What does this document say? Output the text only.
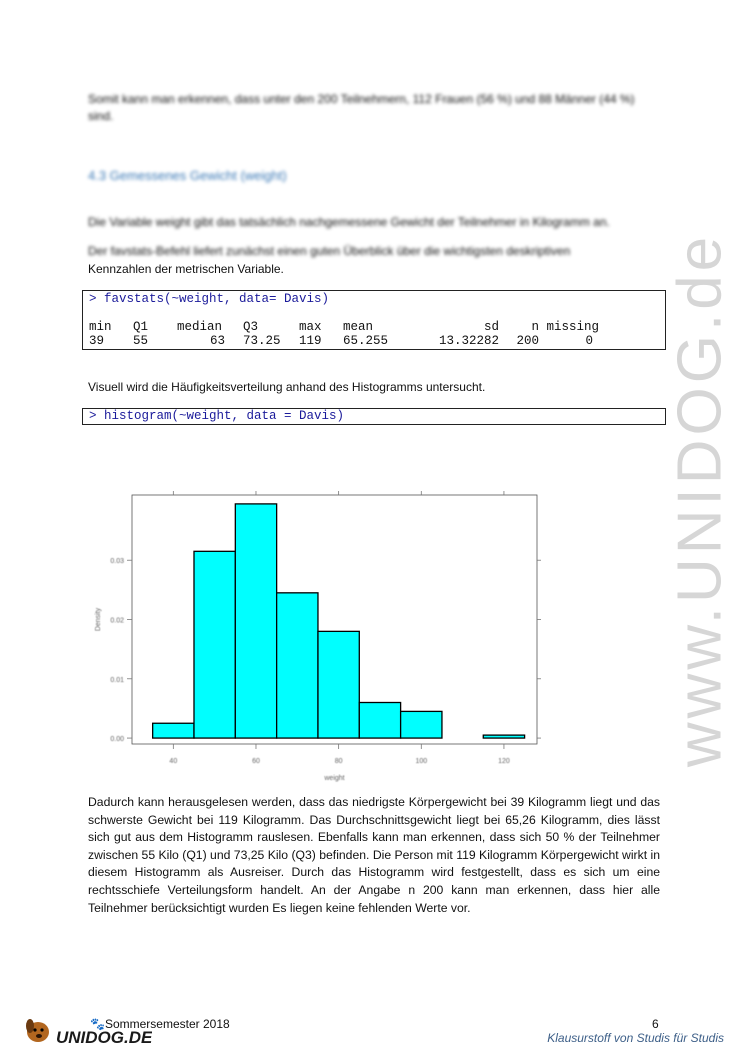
www.UNIDOG.de
Somit kann man erkennen, dass unter den 200 Teilnehmern, 112 Frauen (56 %) und 88 Männer (44 %) sind.
4.3 Gemessenes Gewicht (weight)
Die Variable weight gibt das tatsächlich nachgemessene Gewicht der Teilnehmer in Kilogramm an.
Der favstats-Befehl liefert zunächst einen guten Überblick über die wichtigsten deskriptiven
Kennzahlen der metrischen Variable.
> favstats(~weight, data= Davis)
min	Q1	median	Q3	max	mean	sd	n missing
39	55	63	73.25	119	65.255	13.32282	200	0
Visuell wird die Häufigkeitsverteilung anhand des Histogramms untersucht.
> histogram(~weight, data = Davis)
40	60	80	100	120
0.00
0.01
0.02
0.03
weight
Density
Dadurch kann herausgelesen werden, dass das niedrigste Körpergewicht bei 39 Kilogramm liegt und das schwerste Gewicht bei 119 Kilogramm. Das Durchschnittsgewicht liegt bei 65,26 Kilogramm, dies lässt sich gut aus dem Histogramm rauslesen. Ebenfalls kann man erkennen, dass sich 50 % der Teilnehmer zwischen 55 Kilo (Q1) und 73,25 Kilo (Q3) befinden. Die Person mit 119 Kilogramm Körpergewicht wirkt in diesem Histogramm als Ausreiser. Durch das Histogramm wird festgestellt, dass es sich um eine rechtsschiefe Verteilungsform handelt. An der Angabe n 200 kann man erkennen, dass hier alle Teilnehmer berücksichtigt wurden Es liegen keine fehlenden Werte vor.
UNIDOG.DE
🐾Sommersemester 2018	6
Klausurstoff von Studis für Studis
